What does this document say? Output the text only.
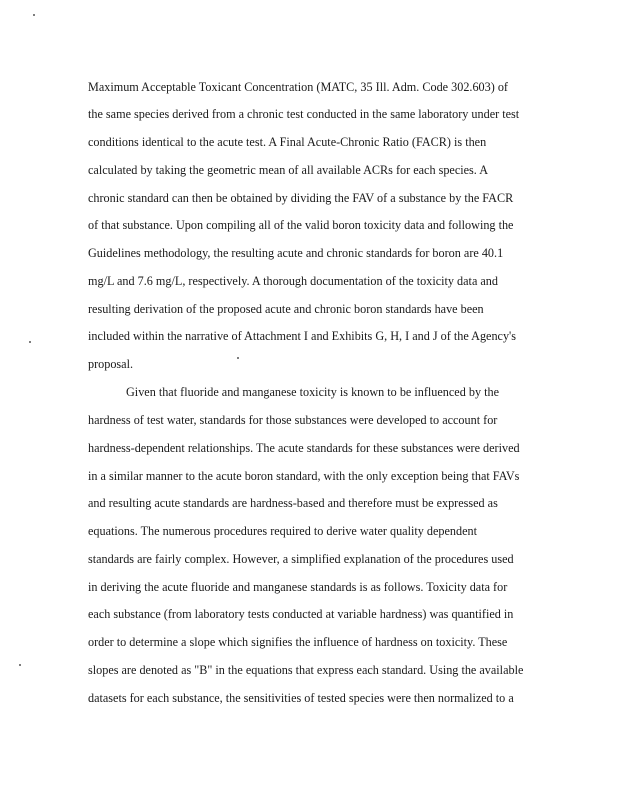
Maximum Acceptable Toxicant Concentration (MATC, 35 Ill. Adm. Code 302.603) of
the same species derived from a chronic test conducted in the same laboratory under test
conditions identical to the acute test. A Final Acute-Chronic Ratio (FACR) is then
calculated by taking the geometric mean of all available ACRs for each species. A
chronic standard can then be obtained by dividing the FAV of a substance by the FACR
of that substance. Upon compiling all of the valid boron toxicity data and following the
Guidelines methodology, the resulting acute and chronic standards for boron are 40.1
mg/L and 7.6 mg/L, respectively. A thorough documentation of the toxicity data and
resulting derivation of the proposed acute and chronic boron standards have been
included within the narrative of Attachment I and Exhibits G, H, I and J of the Agency's
proposal.
Given that fluoride and manganese toxicity is known to be influenced by the
hardness of test water, standards for those substances were developed to account for
hardness-dependent relationships. The acute standards for these substances were derived
in a similar manner to the acute boron standard, with the only exception being that FAVs
and resulting acute standards are hardness-based and therefore must be expressed as
equations. The numerous procedures required to derive water quality dependent
standards are fairly complex. However, a simplified explanation of the procedures used
in deriving the acute fluoride and manganese standards is as follows. Toxicity data for
each substance (from laboratory tests conducted at variable hardness) was quantified in
order to determine a slope which signifies the influence of hardness on toxicity. These
slopes are denoted as "B" in the equations that express each standard. Using the available
datasets for each substance, the sensitivities of tested species were then normalized to a
